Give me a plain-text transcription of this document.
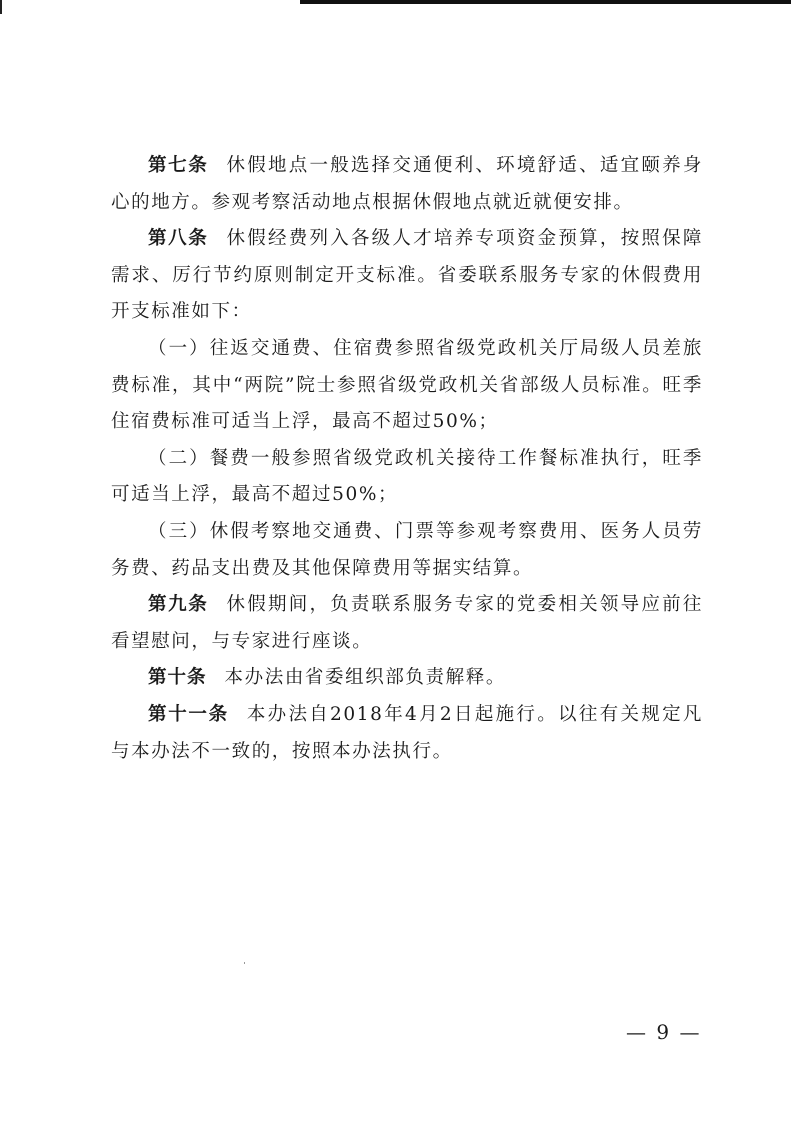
第七条 休假地点一般选择交通便利、环境舒适、适宜颐养身心的地方。参观考察活动地点根据休假地点就近就便安排。

第八条 休假经费列入各级人才培养专项资金预算，按照保障需求、厉行节约原则制定开支标准。省委联系服务专家的休假费用开支标准如下：

（一）往返交通费、住宿费参照省级党政机关厅局级人员差旅费标准，其中“两院”院士参照省级党政机关省部级人员标准。旺季住宿费标准可适当上浮，最高不超过50%；

（二）餐费一般参照省级党政机关接待工作餐标准执行，旺季可适当上浮，最高不超过50%；

（三）休假考察地交通费、门票等参观考察费用、医务人员劳务费、药品支出费及其他保障费用等据实结算。

第九条 休假期间，负责联系服务专家的党委相关领导应前往看望慰问，与专家进行座谈。

第十条 本办法由省委组织部负责解释。

第十一条 本办法自2018年4月2日起施行。以往有关规定凡与本办法不一致的，按照本办法执行。

— 9 —
